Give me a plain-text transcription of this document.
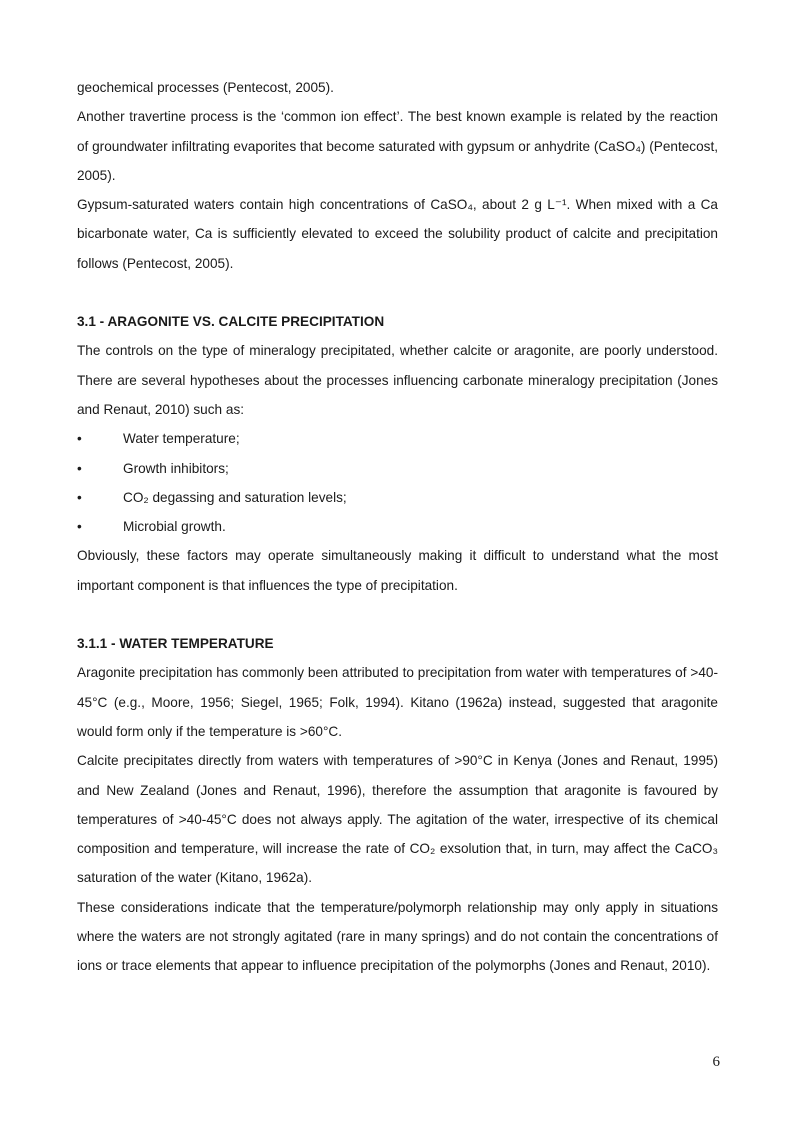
geochemical processes (Pentecost, 2005).

Another travertine process is the ‘common ion effect’. The best known example is related by the reaction of groundwater infiltrating evaporites that become saturated with gypsum or anhydrite (CaSO₄) (Pentecost, 2005).

Gypsum-saturated waters contain high concentrations of CaSO₄, about 2 g L⁻¹. When mixed with a Ca bicarbonate water, Ca is sufficiently elevated to exceed the solubility product of calcite and precipitation follows (Pentecost, 2005).

3.1 - ARAGONITE VS. CALCITE PRECIPITATION

The controls on the type of mineralogy precipitated, whether calcite or aragonite, are poorly understood. There are several hypotheses about the processes influencing carbonate mineralogy precipitation (Jones and Renaut, 2010) such as:

•	Water temperature;
•	Growth inhibitors;
•	CO₂ degassing and saturation levels;
•	Microbial growth.

Obviously, these factors may operate simultaneously making it difficult to understand what the most important component is that influences the type of precipitation.

3.1.1 - WATER TEMPERATURE

Aragonite precipitation has commonly been attributed to precipitation from water with temperatures of >40-45°C (e.g., Moore, 1956; Siegel, 1965; Folk, 1994). Kitano (1962a) instead, suggested that aragonite would form only if the temperature is >60°C.

Calcite precipitates directly from waters with temperatures of >90°C in Kenya (Jones and Renaut, 1995) and New Zealand (Jones and Renaut, 1996), therefore the assumption that aragonite is favoured by temperatures of >40-45°C does not always apply. The agitation of the water, irrespective of its chemical composition and temperature, will increase the rate of CO₂ exsolution that, in turn, may affect the CaCO₃ saturation of the water (Kitano, 1962a).

These considerations indicate that the temperature/polymorph relationship may only apply in situations where the waters are not strongly agitated (rare in many springs) and do not contain the concentrations of ions or trace elements that appear to influence precipitation of the polymorphs (Jones and Renaut, 2010).

6
